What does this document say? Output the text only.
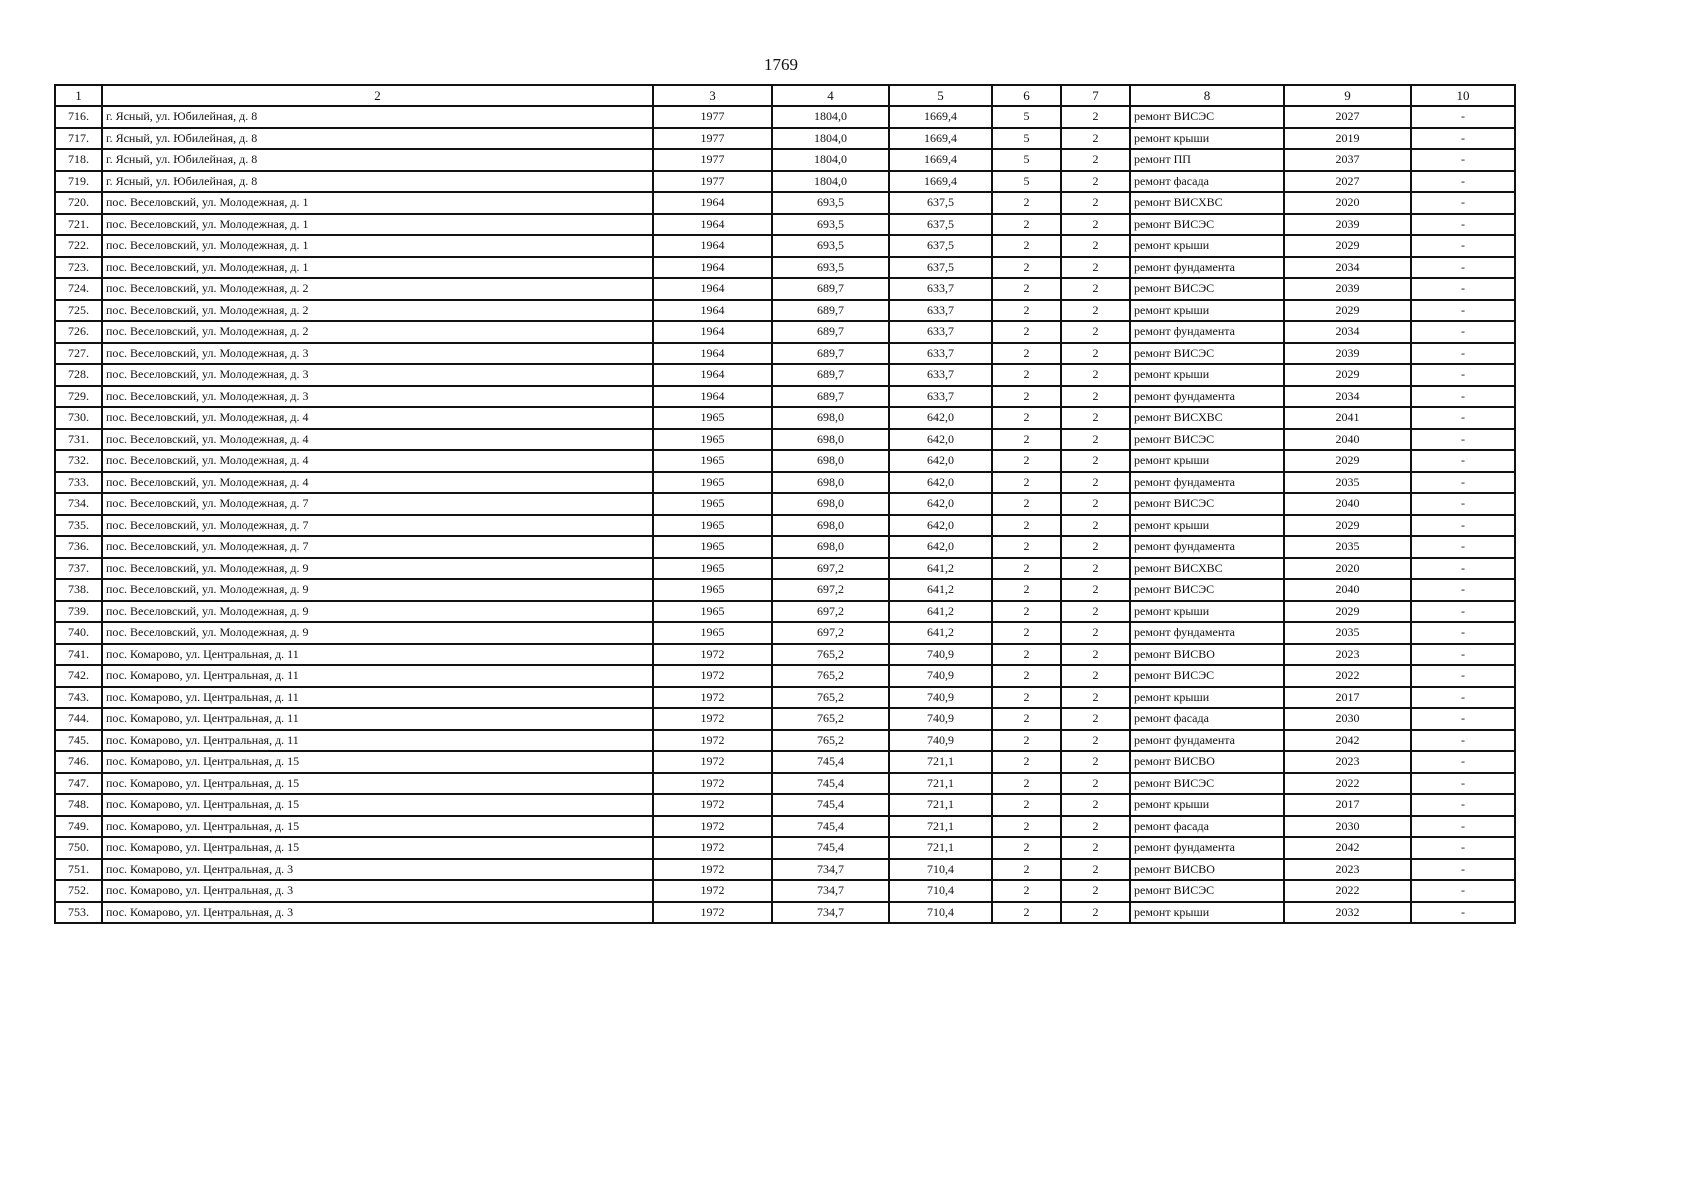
1769
1	2	3	4	5	6	7	8	9	10
716.	г. Ясный, ул. Юбилейная, д. 8	1977	1804,0	1669,4	5	2	ремонт ВИСЭС	2027	-
717.	г. Ясный, ул. Юбилейная, д. 8	1977	1804,0	1669,4	5	2	ремонт крыши	2019	-
718.	г. Ясный, ул. Юбилейная, д. 8	1977	1804,0	1669,4	5	2	ремонт ПП	2037	-
719.	г. Ясный, ул. Юбилейная, д. 8	1977	1804,0	1669,4	5	2	ремонт фасада	2027	-
720.	пос. Веселовский, ул. Молодежная, д. 1	1964	693,5	637,5	2	2	ремонт ВИСХВС	2020	-
721.	пос. Веселовский, ул. Молодежная, д. 1	1964	693,5	637,5	2	2	ремонт ВИСЭС	2039	-
722.	пос. Веселовский, ул. Молодежная, д. 1	1964	693,5	637,5	2	2	ремонт крыши	2029	-
723.	пос. Веселовский, ул. Молодежная, д. 1	1964	693,5	637,5	2	2	ремонт фундамента	2034	-
724.	пос. Веселовский, ул. Молодежная, д. 2	1964	689,7	633,7	2	2	ремонт ВИСЭС	2039	-
725.	пос. Веселовский, ул. Молодежная, д. 2	1964	689,7	633,7	2	2	ремонт крыши	2029	-
726.	пос. Веселовский, ул. Молодежная, д. 2	1964	689,7	633,7	2	2	ремонт фундамента	2034	-
727.	пос. Веселовский, ул. Молодежная, д. 3	1964	689,7	633,7	2	2	ремонт ВИСЭС	2039	-
728.	пос. Веселовский, ул. Молодежная, д. 3	1964	689,7	633,7	2	2	ремонт крыши	2029	-
729.	пос. Веселовский, ул. Молодежная, д. 3	1964	689,7	633,7	2	2	ремонт фундамента	2034	-
730.	пос. Веселовский, ул. Молодежная, д. 4	1965	698,0	642,0	2	2	ремонт ВИСХВС	2041	-
731.	пос. Веселовский, ул. Молодежная, д. 4	1965	698,0	642,0	2	2	ремонт ВИСЭС	2040	-
732.	пос. Веселовский, ул. Молодежная, д. 4	1965	698,0	642,0	2	2	ремонт крыши	2029	-
733.	пос. Веселовский, ул. Молодежная, д. 4	1965	698,0	642,0	2	2	ремонт фундамента	2035	-
734.	пос. Веселовский, ул. Молодежная, д. 7	1965	698,0	642,0	2	2	ремонт ВИСЭС	2040	-
735.	пос. Веселовский, ул. Молодежная, д. 7	1965	698,0	642,0	2	2	ремонт крыши	2029	-
736.	пос. Веселовский, ул. Молодежная, д. 7	1965	698,0	642,0	2	2	ремонт фундамента	2035	-
737.	пос. Веселовский, ул. Молодежная, д. 9	1965	697,2	641,2	2	2	ремонт ВИСХВС	2020	-
738.	пос. Веселовский, ул. Молодежная, д. 9	1965	697,2	641,2	2	2	ремонт ВИСЭС	2040	-
739.	пос. Веселовский, ул. Молодежная, д. 9	1965	697,2	641,2	2	2	ремонт крыши	2029	-
740.	пос. Веселовский, ул. Молодежная, д. 9	1965	697,2	641,2	2	2	ремонт фундамента	2035	-
741.	пос. Комарово, ул. Центральная, д. 11	1972	765,2	740,9	2	2	ремонт ВИСВО	2023	-
742.	пос. Комарово, ул. Центральная, д. 11	1972	765,2	740,9	2	2	ремонт ВИСЭС	2022	-
743.	пос. Комарово, ул. Центральная, д. 11	1972	765,2	740,9	2	2	ремонт крыши	2017	-
744.	пос. Комарово, ул. Центральная, д. 11	1972	765,2	740,9	2	2	ремонт фасада	2030	-
745.	пос. Комарово, ул. Центральная, д. 11	1972	765,2	740,9	2	2	ремонт фундамента	2042	-
746.	пос. Комарово, ул. Центральная, д. 15	1972	745,4	721,1	2	2	ремонт ВИСВО	2023	-
747.	пос. Комарово, ул. Центральная, д. 15	1972	745,4	721,1	2	2	ремонт ВИСЭС	2022	-
748.	пос. Комарово, ул. Центральная, д. 15	1972	745,4	721,1	2	2	ремонт крыши	2017	-
749.	пос. Комарово, ул. Центральная, д. 15	1972	745,4	721,1	2	2	ремонт фасада	2030	-
750.	пос. Комарово, ул. Центральная, д. 15	1972	745,4	721,1	2	2	ремонт фундамента	2042	-
751.	пос. Комарово, ул. Центральная, д. 3	1972	734,7	710,4	2	2	ремонт ВИСВО	2023	-
752.	пос. Комарово, ул. Центральная, д. 3	1972	734,7	710,4	2	2	ремонт ВИСЭС	2022	-
753.	пос. Комарово, ул. Центральная, д. 3	1972	734,7	710,4	2	2	ремонт крыши	2032	-
